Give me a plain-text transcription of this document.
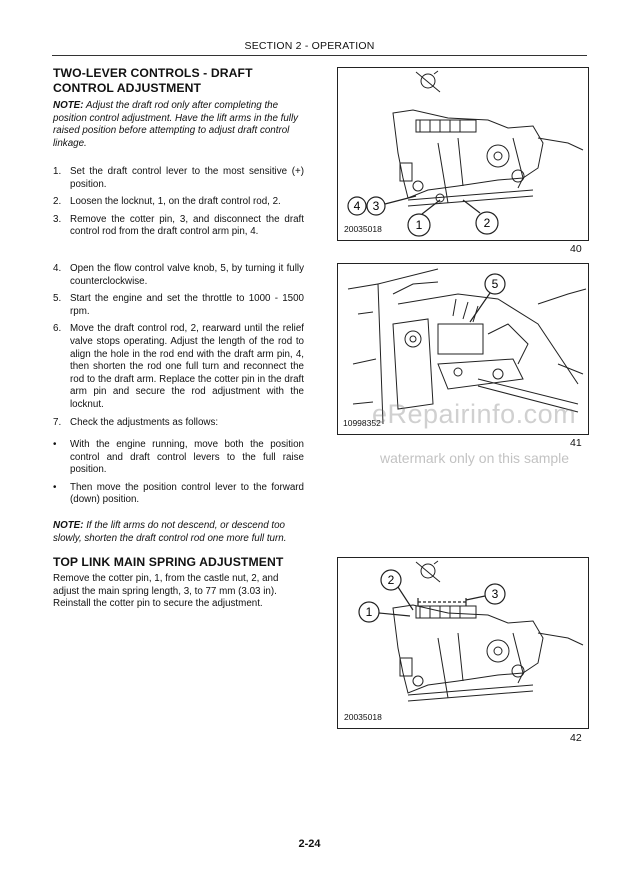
SECTION 2 - OPERATION
TWO-LEVER CONTROLS - DRAFT
CONTROL ADJUSTMENT

NOTE: Adjust the draft rod only after completing the position control adjustment. Have the lift arms in the fully raised position before attempting to adjust draft control linkage.

1. Set the draft control lever to the most sensitive (+) position.
2. Loosen the locknut, 1, on the draft control rod, 2.
3. Remove the cotter pin, 3, and disconnect the draft control rod from the draft control arm pin, 4.
4. Open the flow control valve knob, 5, by turning it fully counterclockwise.
5. Start the engine and set the throttle to 1000 - 1500 rpm.
6. Move the draft control rod, 2, rearward until the relief valve stops operating. Adjust the length of the rod to align the hole in the rod end with the draft arm pin, 4, then shorten the rod one full turn and reconnect the rod to the draft arm. Replace the cotter pin in the draft arm pin and secure the rod adjustment with the locknut.
7. Check the adjustments as follows:
• With the engine running, move both the position control and draft control levers to the full raise position.
• Then move the position control lever to the forward (down) position.

NOTE: If the lift arms do not descend, or descend too slowly, shorten the draft control rod one more full turn.

TOP LINK MAIN SPRING ADJUSTMENT

Remove the cotter pin, 1, from the castle nut, 2, and adjust the main spring length, 3, to 77 mm (3.03 in). Reinstall the cotter pin to secure the adjustment.

4 3
1	2
20035018
40
5
10998352
41
2
1
3
20035018
42
eRepairinfo.com
watermark only on this sample
2-24
